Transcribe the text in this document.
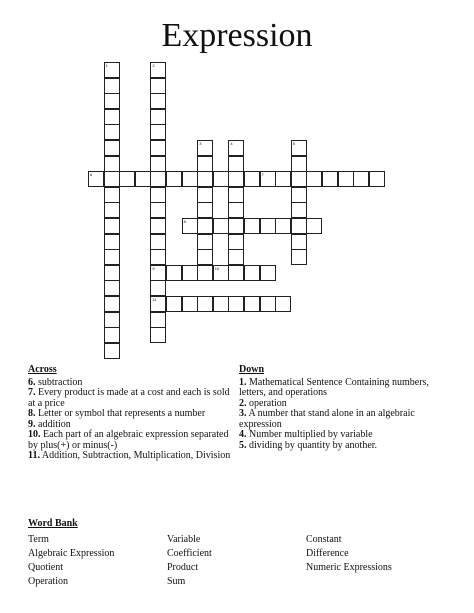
Expression
1	2
9
11
3	4	5
6	7
8
10
Across
6. subtraction
7. Every product is made at a cost and each is sold at a price
8. Letter or symbol that represents a number
9. addition
10. Each part of an algebraic expression separated by plus(+) or minus(-)
11. Addition, Subtraction, Multiplication, Division
Down
1. Mathematical Sentence Containing numbers, letters, and operations
2. operation
3. A number that stand alone in an algebraic expression
4. Number multiplied by variable
5. dividing by quantity by another.
Word Bank
Term	Variable	Constant
Algebraic Expression	Coefficient	Difference
Quotient	Product	Numeric Expressions
Operation	Sum
